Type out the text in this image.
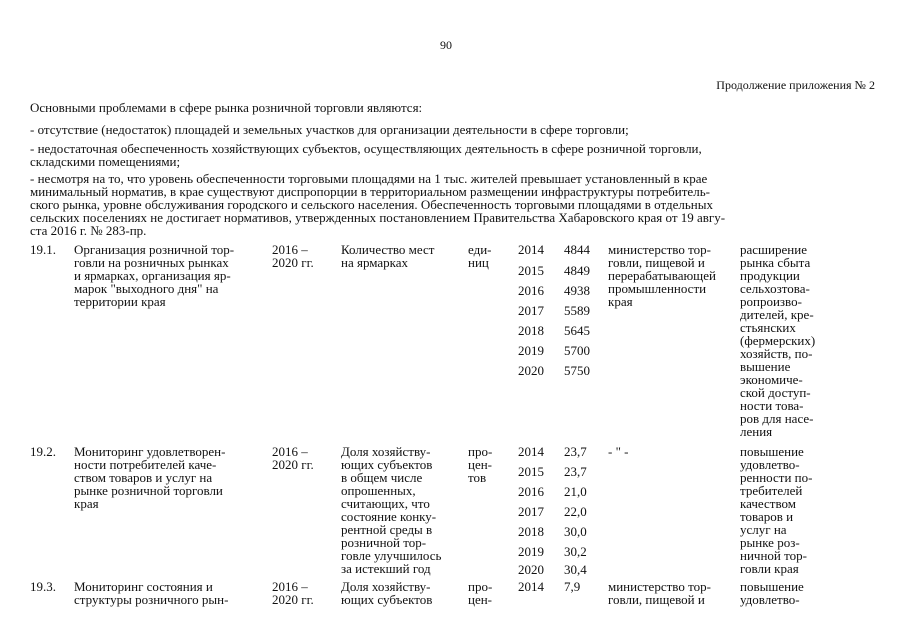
90
Продолжение приложения № 2
Основными проблемами в сфере рынка розничной торговли являются:
- отсутствие (недостаток) площадей и земельных участков для организации деятельности в сфере торговли;
- недостаточная обеспеченность хозяйствующих субъектов, осуществляющих деятельность в сфере розничной торговли,
складскими помещениями;
- несмотря на то, что уровень обеспеченности торговыми площадями на 1 тыс. жителей превышает установленный в крае
минимальный норматив, в крае существуют диспропорции в территориальном размещении инфраструктуры потребитель-
ского рынка, уровне обслуживания городского и сельского населения. Обеспеченность торговыми площадями в отдельных
сельских поселениях не достигает нормативов, утвержденных постановлением Правительства Хабаровского края от 19 авгу-
ста 2016 г. № 283-пр.
19.1. Организация розничной тор-
говли на розничных рынках
и ярмарках, организация яр-
марок "выходного дня" на
территории края
2016 –
2020 гг.
Количество мест
на ярмарках
еди-
ниц
2014 4844
2015 4849
2016 4938
2017 5589
2018 5645
2019 5700
2020 5750
министерство тор-
говли, пищевой и
перерабатывающей
промышленности
края
расширение
рынка сбыта
продукции
сельхозтова-
ропроизво-
дителей, кре-
стьянских
(фермерских)
хозяйств, по-
вышение
экономиче-
ской доступ-
ности това-
ров для насе-
ления
19.2. Мониторинг удовлетворен-
ности потребителей каче-
ством товаров и услуг на
рынке розничной торговли
края
2016 –
2020 гг.
Доля хозяйству-
ющих субъектов
в общем числе
опрошенных,
считающих, что
состояние конку-
рентной среды в
розничной тор-
говле улучшилось
за истекший год
про-
цен-
тов
2014 23,7
2015 23,7
2016 21,0
2017 22,0
2018 30,0
2019 30,2
2020 30,4
- " -	повышение
удовлетво-
ренности по-
требителей
качеством
товаров и
услуг на
рынке роз-
ничной тор-
говли края
19.3. Мониторинг состояния и
структуры розничного рын-
2016 –
2020 гг.
Доля хозяйству-
ющих субъектов
про-
цен-
2014 7,9 министерство тор-
говли, пищевой и
повышение
удовлетво-
